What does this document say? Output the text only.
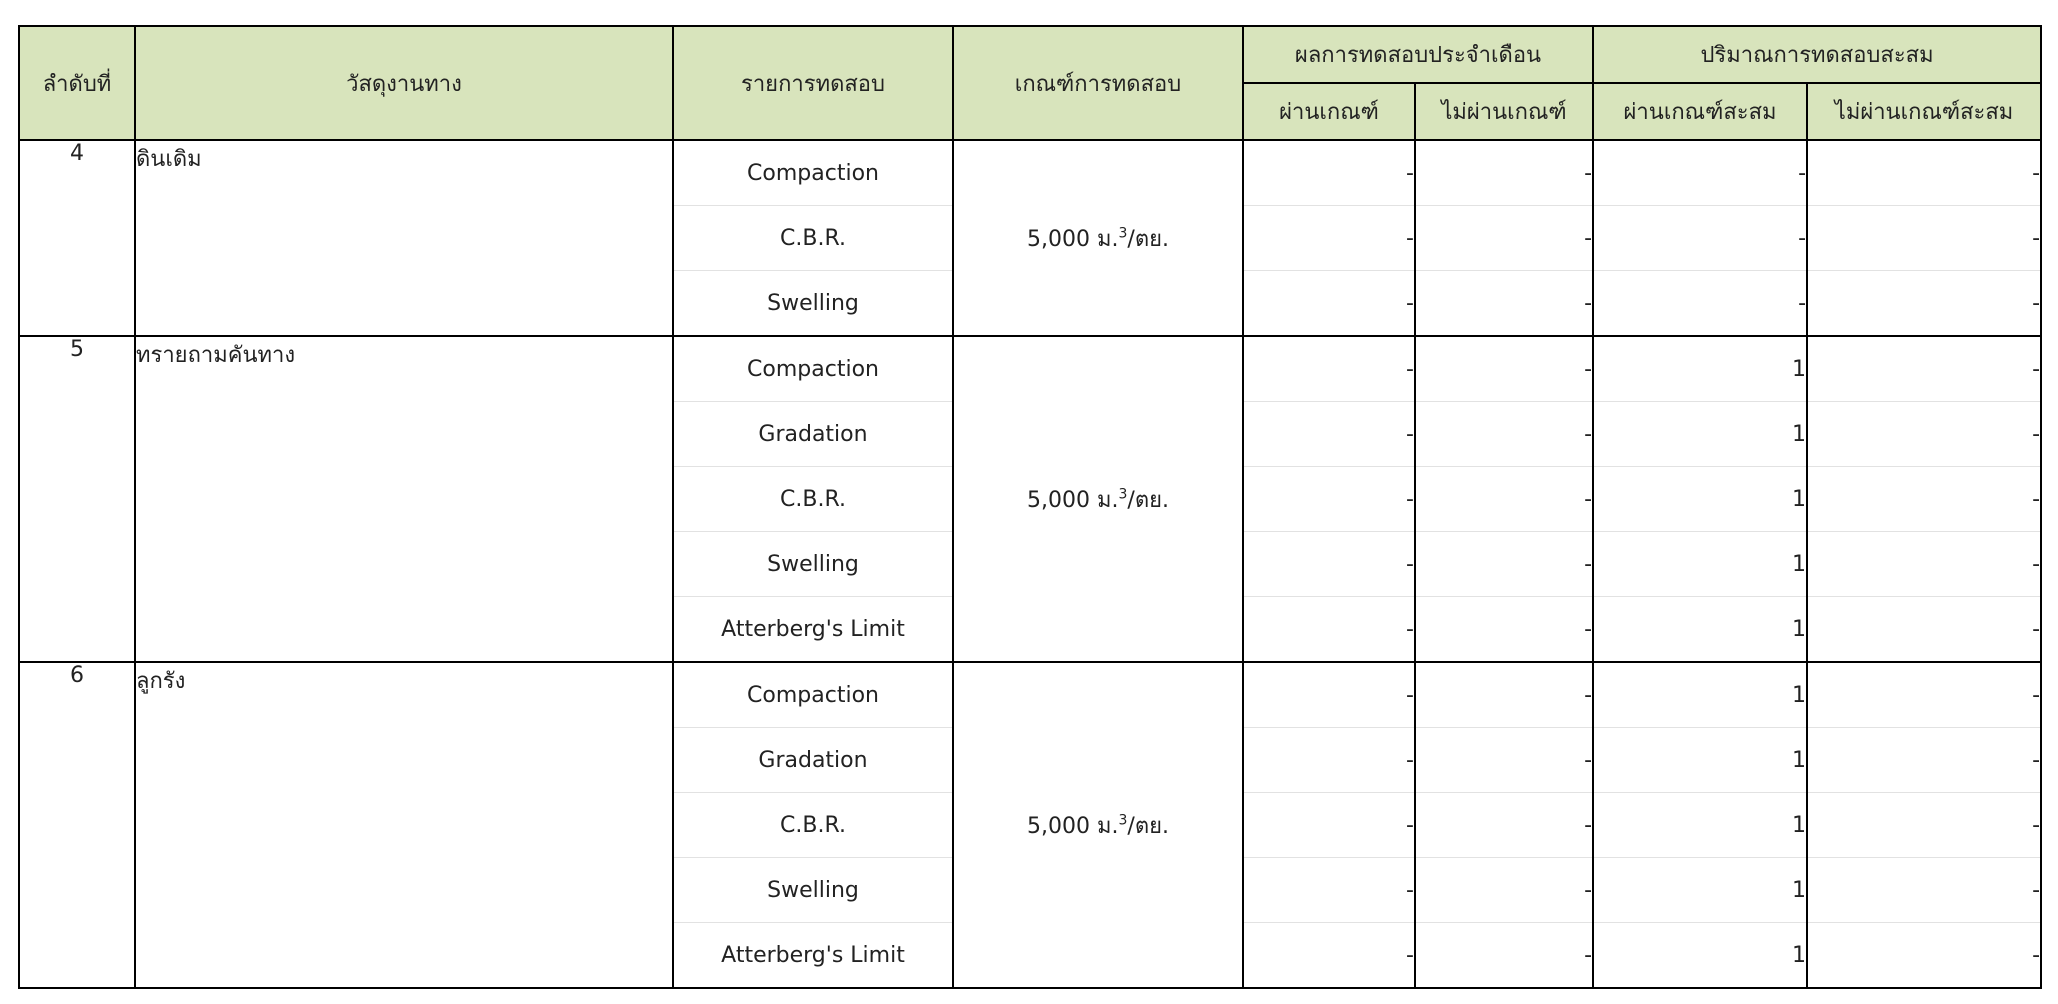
ลำดับที่	วัสดุงานทาง	รายการทดสอบ	เกณฑ์การทดสอบ	ผลการทดสอบประจำเดือน		ปริมาณการทดสอบสะสม	
				ผ่านเกณฑ์	ไม่ผ่านเกณฑ์	ผ่านเกณฑ์สะสม	ไม่ผ่านเกณฑ์สะสม
4	ดินเดิม	Compaction	5,000 ม.$^3$/ตย.	-	-	-	-
		C.B.R.		-	-	-	-
		Swelling		-	-	-	-
5	ทรายถามคันทาง	Compaction	5,000 ม.$^3$/ตย.	-	-	1	-
		Gradation		-	-	1	-
		C.B.R.		-	-	1	-
		Swelling		-	-	1	-
		Atterberg's Limit		-	-	1	-
6	ลูกรัง	Compaction	5,000 ม.$^3$/ตย.	-	-	1	-
		Gradation		-	-	1	-
		C.B.R.		-	-	1	-
		Swelling		-	-	1	-
		Atterberg's Limit		-	-	1	-
